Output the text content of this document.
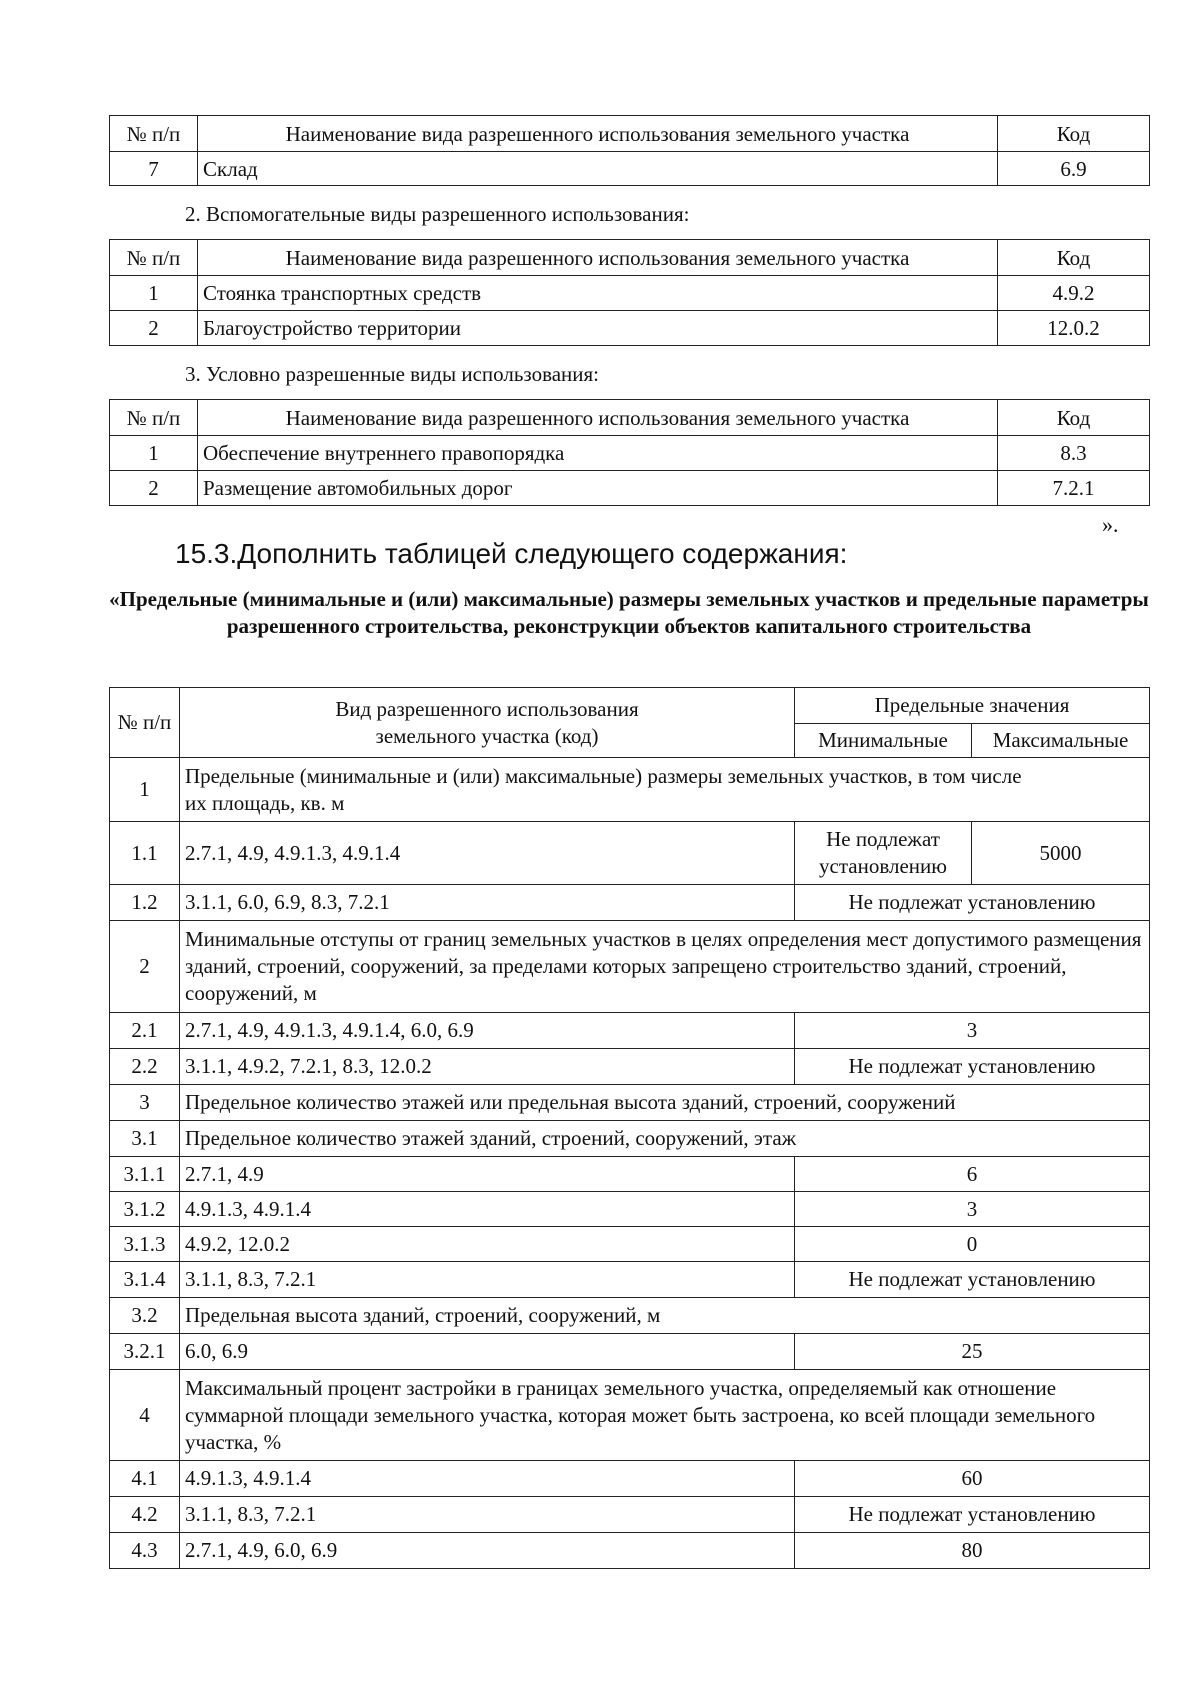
№ п/п	Наименование вида разрешенного использования земельного участка	Код
7	Склад	6.9
2. Вспомогательные виды разрешенного использования:
№ п/п	Наименование вида разрешенного использования земельного участка	Код
1	Стоянка транспортных средств	4.9.2
2	Благоустройство территории	12.0.2
3. Условно разрешенные виды использования:
№ п/п	Наименование вида разрешенного использования земельного участка	Код
1	Обеспечение внутреннего правопорядка	8.3
2	Размещение автомобильных дорог	7.2.1
».
15.3.Дополнить таблицей следующего содержания:
«Предельные (минимальные и (или) максимальные) размеры земельных участков и предельные параметры разрешенного строительства, реконструкции объектов капитального строительства
№ п/п	Вид разрешенного использования земельного участка (код)	Предельные значения	
		Минимальные	Максимальные
1	Предельные (минимальные и (или) максимальные) размеры земельных участков, в том числе их площадь, кв. м		
1.1	2.7.1, 4.9, 4.9.1.3, 4.9.1.4	Не подлежат установлению	5000
1.2	3.1.1, 6.0, 6.9, 8.3, 7.2.1	Не подлежат установлению	
2	Минимальные отступы от границ земельных участков в целях определения мест допустимого размещения зданий, строений, сооружений, за пределами которых запрещено строительство зданий, строений, сооружений, м		
2.1	2.7.1, 4.9, 4.9.1.3, 4.9.1.4, 6.0, 6.9	3	
2.2	3.1.1, 4.9.2, 7.2.1, 8.3, 12.0.2	Не подлежат установлению	
3	Предельное количество этажей или предельная высота зданий, строений, сооружений		
3.1	Предельное количество этажей зданий, строений, сооружений, этаж		
3.1.1	2.7.1, 4.9	6	
3.1.2	4.9.1.3, 4.9.1.4	3	
3.1.3	4.9.2, 12.0.2	0	
3.1.4	3.1.1, 8.3, 7.2.1	Не подлежат установлению	
3.2	Предельная высота зданий, строений, сооружений, м		
3.2.1	6.0, 6.9	25	
4	Максимальный процент застройки в границах земельного участка, определяемый как отношение суммарной площади земельного участка, которая может быть застроена, ко всей площади земельного участка, %		
4.1	4.9.1.3, 4.9.1.4	60	
4.2	3.1.1, 8.3, 7.2.1	Не подлежат установлению	
4.3	2.7.1, 4.9, 6.0, 6.9	80	
